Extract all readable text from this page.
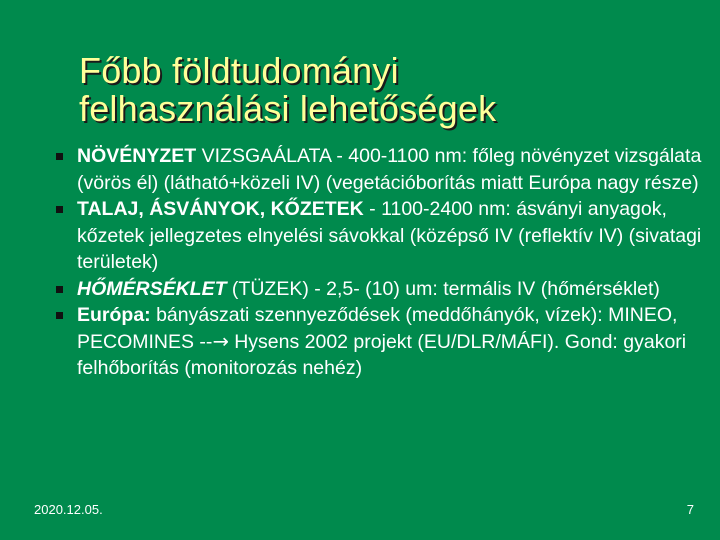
Főbb földtudományi
felhasználási lehetőségek
NÖVÉNYZET VIZSGAÁLATA - 400-1100 nm: főleg növényzet vizsgálata (vörös él) (látható+közeli IV) (vegetációborítás miatt Európa nagy része)
TALAJ, ÁSVÁNYOK, KŐZETEK - 1100-2400 nm: ásványi anyagok, kőzetek jellegzetes elnyelési sávokkal (középső IV (reflektív IV) (sivatagi területek)
HŐMÉRSÉKLET (TÜZEK) - 2,5- (10) um: termális IV (hőmérséklet)
Európa: bányászati szennyeződések (meddőhányók, vízek): MINEO, PECOMINES --→ Hysens 2002 projekt (EU/DLR/MÁFI). Gond: gyakori felhőborítás (monitorozás nehéz)
2020.12.05.	7
